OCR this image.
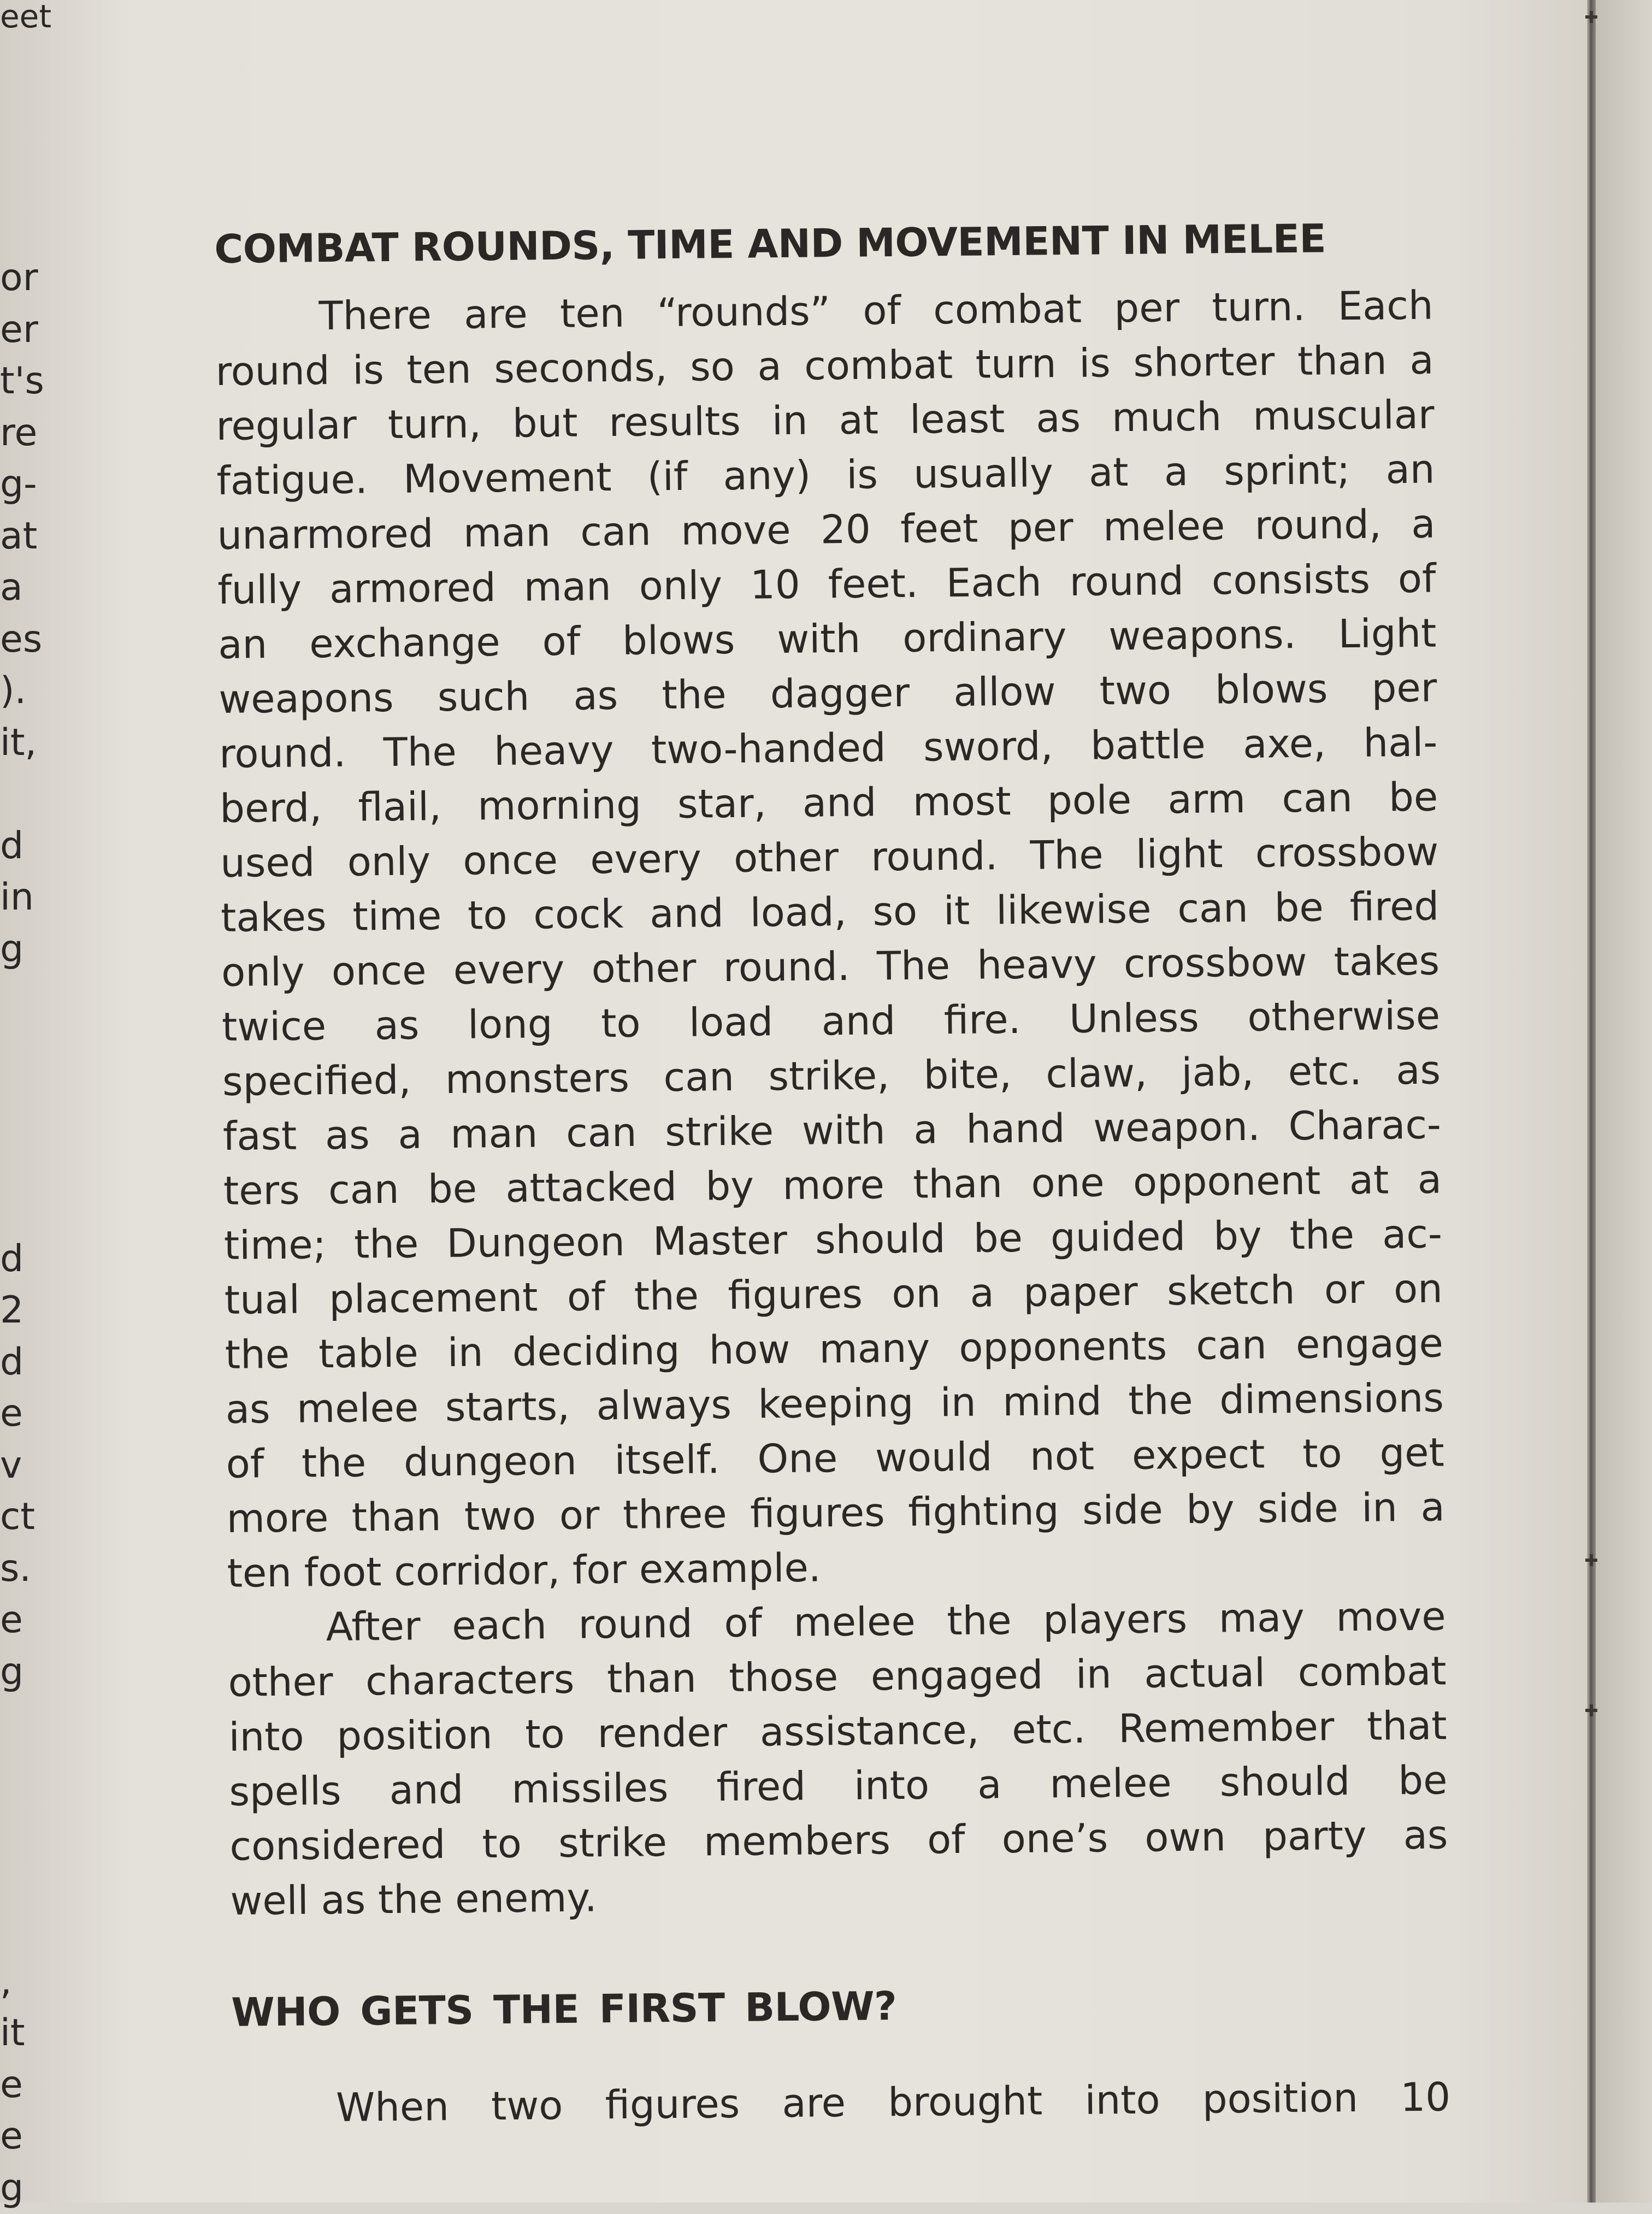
eet
or
er
t's
re
g-
at
a
es
).
it,
d
in
g
d
2
d
e
v
ct
s.
e
g
,
it
e
e
g
COMBAT ROUNDS, TIME AND MOVEMENT IN MELEE

There are ten “rounds” of combat per turn. Each
round is ten seconds, so a combat turn is shorter than a
regular turn, but results in at least as much muscular
fatigue. Movement (if any) is usually at a sprint; an
unarmored man can move 20 feet per melee round, a
fully armored man only 10 feet. Each round consists of
an exchange of blows with ordinary weapons. Light
weapons such as the dagger allow two blows per
round. The heavy two-handed sword, battle axe, hal-
berd, flail, morning star, and most pole arm can be
used only once every other round. The light crossbow
takes time to cock and load, so it likewise can be fired
only once every other round. The heavy crossbow takes
twice as long to load and fire. Unless otherwise
specified, monsters can strike, bite, claw, jab, etc. as
fast as a man can strike with a hand weapon. Charac-
ters can be attacked by more than one opponent at a
time; the Dungeon Master should be guided by the ac-
tual placement of the figures on a paper sketch or on
the table in deciding how many opponents can engage
as melee starts, always keeping in mind the dimensions
of the dungeon itself. One would not expect to get
more than two or three figures fighting side by side in a
ten foot corridor, for example.

After each round of melee the players may move
other characters than those engaged in actual combat
into position to render assistance, etc. Remember that
spells and missiles fired into a melee should be
considered to strike members of one’s own party as
well as the enemy.

WHO GETS THE FIRST BLOW?

When two figures are brought into position 10

✚
✚
✚
